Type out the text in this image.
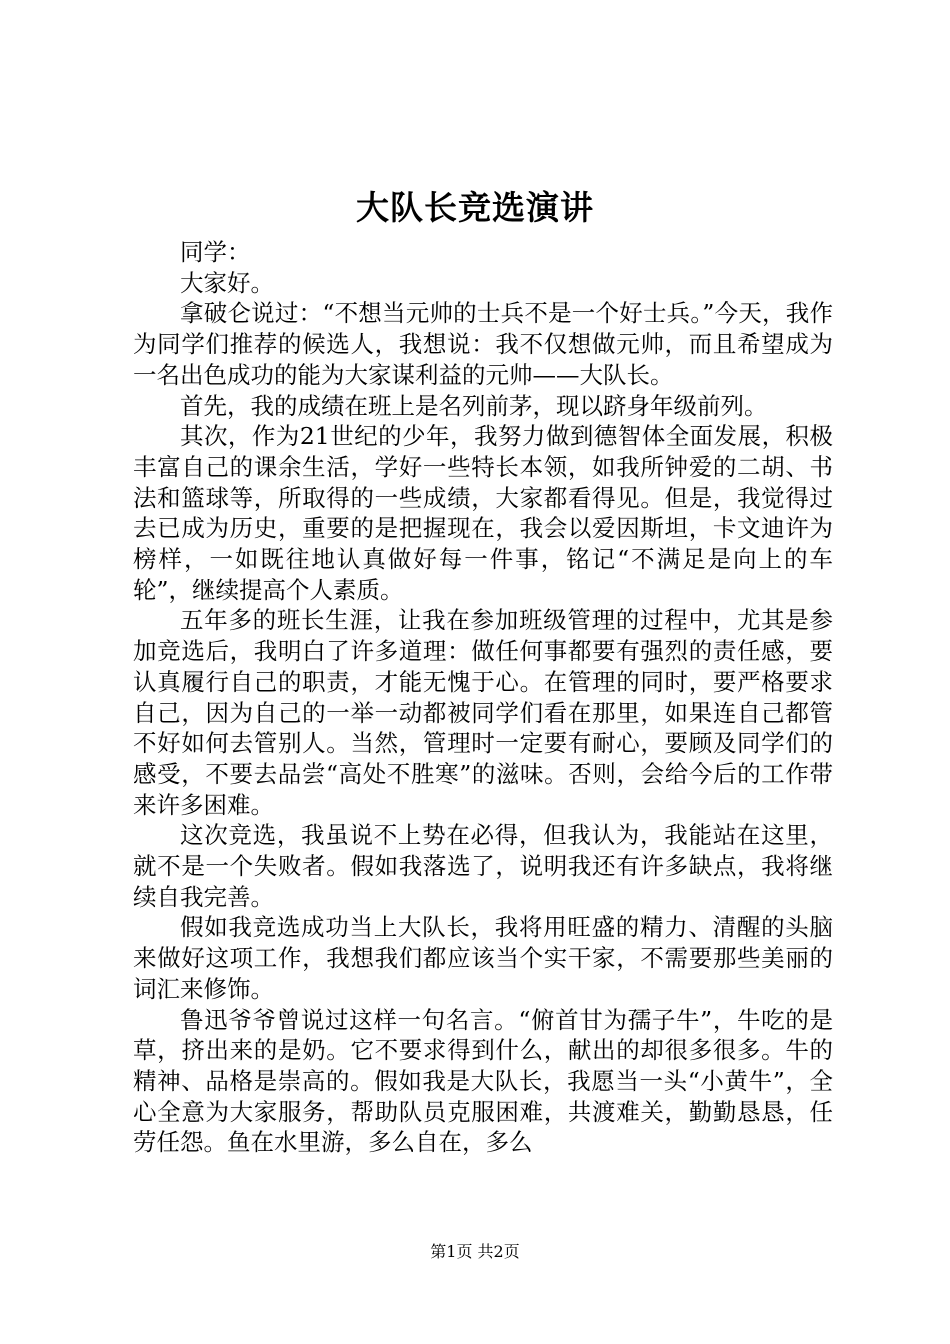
大队长竞选演讲

同学：

大家好。

拿破仑说过：“不想当元帅的士兵不是一个好士兵。”今天，我作为同学们推荐的候选人，我想说：我不仅想做元帅，而且希望成为一名出色成功的能为大家谋利益的元帅——大队长。

首先，我的成绩在班上是名列前茅，现以跻身年级前列。

其次，作为21世纪的少年，我努力做到德智体全面发展，积极丰富自己的课余生活，学好一些特长本领，如我所钟爱的二胡、书法和篮球等，所取得的一些成绩，大家都看得见。但是，我觉得过去已成为历史，重要的是把握现在，我会以爱因斯坦，卡文迪许为榜样，一如既往地认真做好每一件事，铭记“不满足是向上的车轮”，继续提高个人素质。

五年多的班长生涯，让我在参加班级管理的过程中，尤其是参加竞选后，我明白了许多道理：做任何事都要有强烈的责任感，要认真履行自己的职责，才能无愧于心。在管理的同时，要严格要求自己，因为自己的一举一动都被同学们看在那里，如果连自己都管不好如何去管别人。当然，管理时一定要有耐心，要顾及同学们的感受，不要去品尝“高处不胜寒”的滋味。否则，会给今后的工作带来许多困难。

这次竞选，我虽说不上势在必得，但我认为，我能站在这里，就不是一个失败者。假如我落选了，说明我还有许多缺点，我将继续自我完善。

假如我竞选成功当上大队长，我将用旺盛的精力、清醒的头脑来做好这项工作，我想我们都应该当个实干家，不需要那些美丽的词汇来修饰。

鲁迅爷爷曾说过这样一句名言。“俯首甘为孺子牛”，牛吃的是草，挤出来的是奶。它不要求得到什么，献出的却很多很多。牛的精神、品格是崇高的。假如我是大队长，我愿当一头“小黄牛”，全心全意为大家服务，帮助队员克服困难，共渡难关，勤勤恳恳，任劳任怨。鱼在水里游，多么自在，多么

第1页 共2页
